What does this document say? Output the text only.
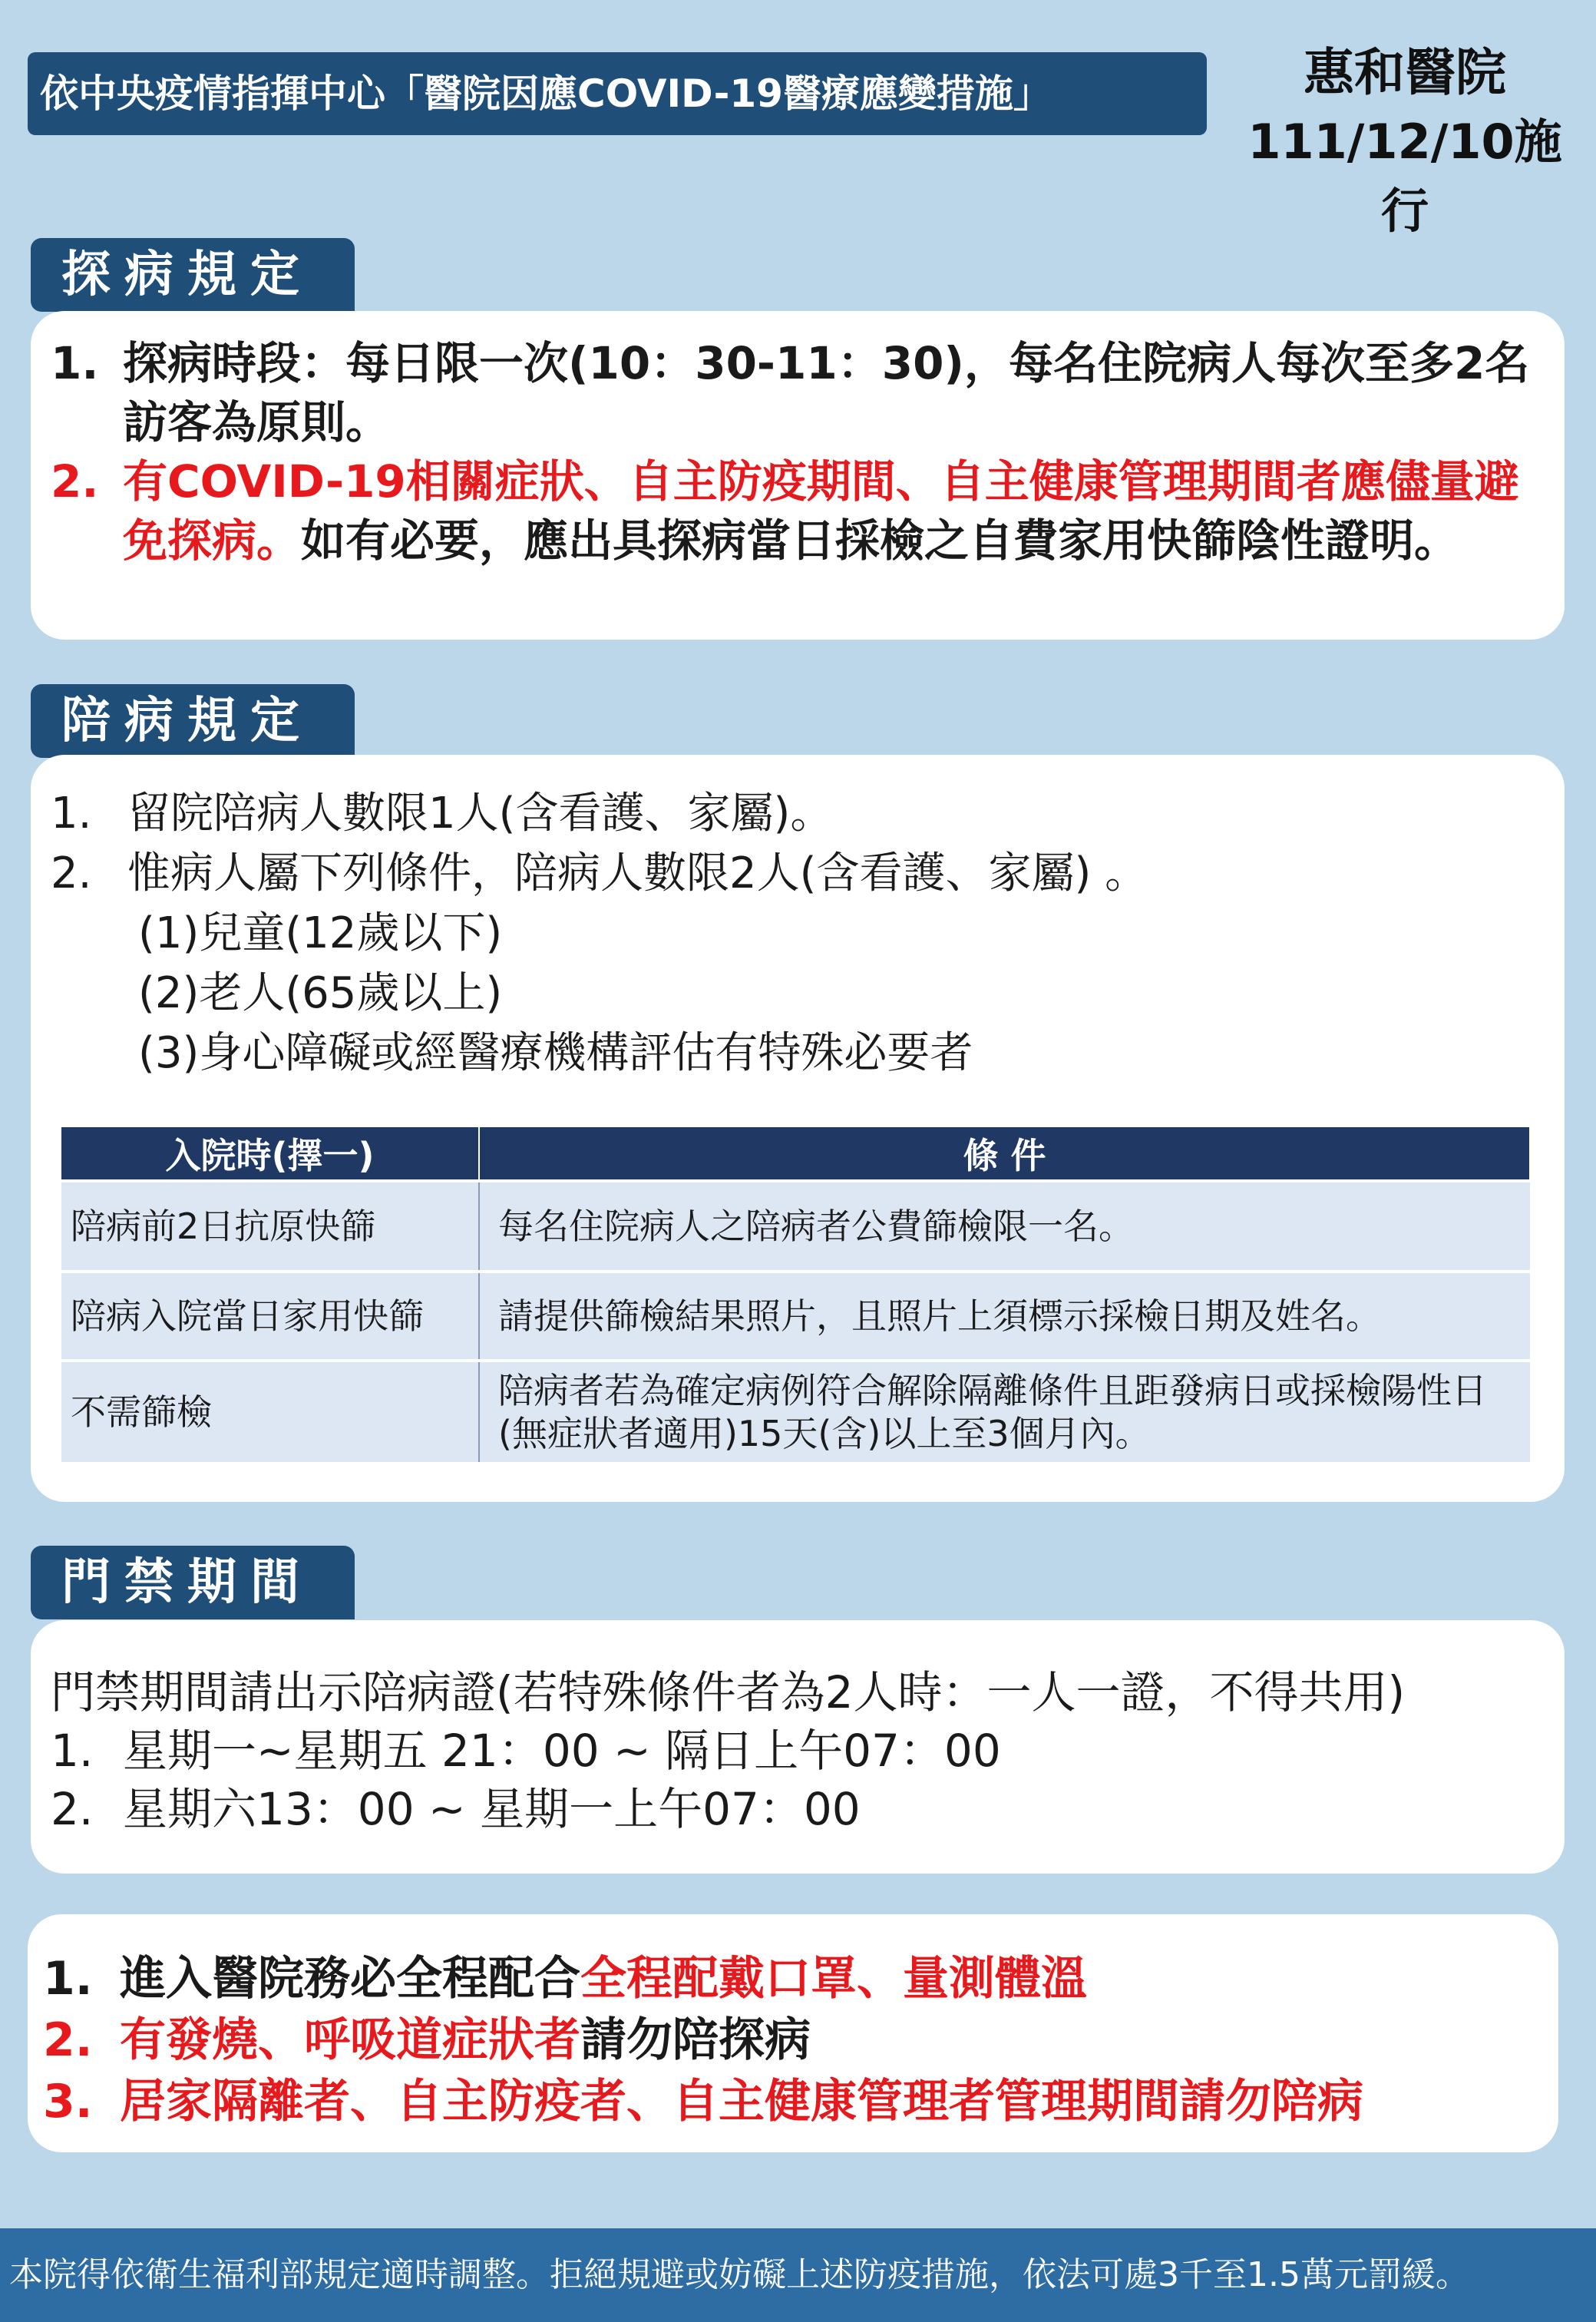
依中央疫情指揮中心「醫院因應COVID-19醫療應變措施」	惠和醫院
111/12/10施行
探病規定
1. 探病時段：每日限一次(10：30-11：30)，每名住院病人每次至多2名訪客為原則。
2. 有COVID-19相關症狀、自主防疫期間、自主健康管理期間者應儘量避免探病。如有必要，應出具探病當日採檢之自費家用快篩陰性證明。
陪病規定
1. 留院陪病人數限1人(含看護、家屬)。
2. 惟病人屬下列條件，陪病人數限2人(含看護、家屬) 。
(1)兒童(12歲以下)
(2)老人(65歲以上)
(3)身心障礙或經醫療機構評估有特殊必要者
入院時(擇一)	條 件
陪病前2日抗原快篩	每名住院病人之陪病者公費篩檢限一名。
陪病入院當日家用快篩	請提供篩檢結果照片，且照片上須標示採檢日期及姓名。
不需篩檢	陪病者若為確定病例符合解除隔離條件且距發病日或採檢陽性日(無症狀者適用)15天(含)以上至3個月內。
門禁期間
門禁期間請出示陪病證(若特殊條件者為2人時：一人一證，不得共用)
1. 星期一~星期五 21：00 ~ 隔日上午07：00
2. 星期六13：00 ~ 星期一上午07：00
1. 進入醫院務必全程配合全程配戴口罩、量測體溫
2. 有發燒、呼吸道症狀者請勿陪探病
3. 居家隔離者、自主防疫者、自主健康管理者管理期間請勿陪病
本院得依衛生福利部規定適時調整。拒絕規避或妨礙上述防疫措施，依法可處3千至1.5萬元罰緩。
